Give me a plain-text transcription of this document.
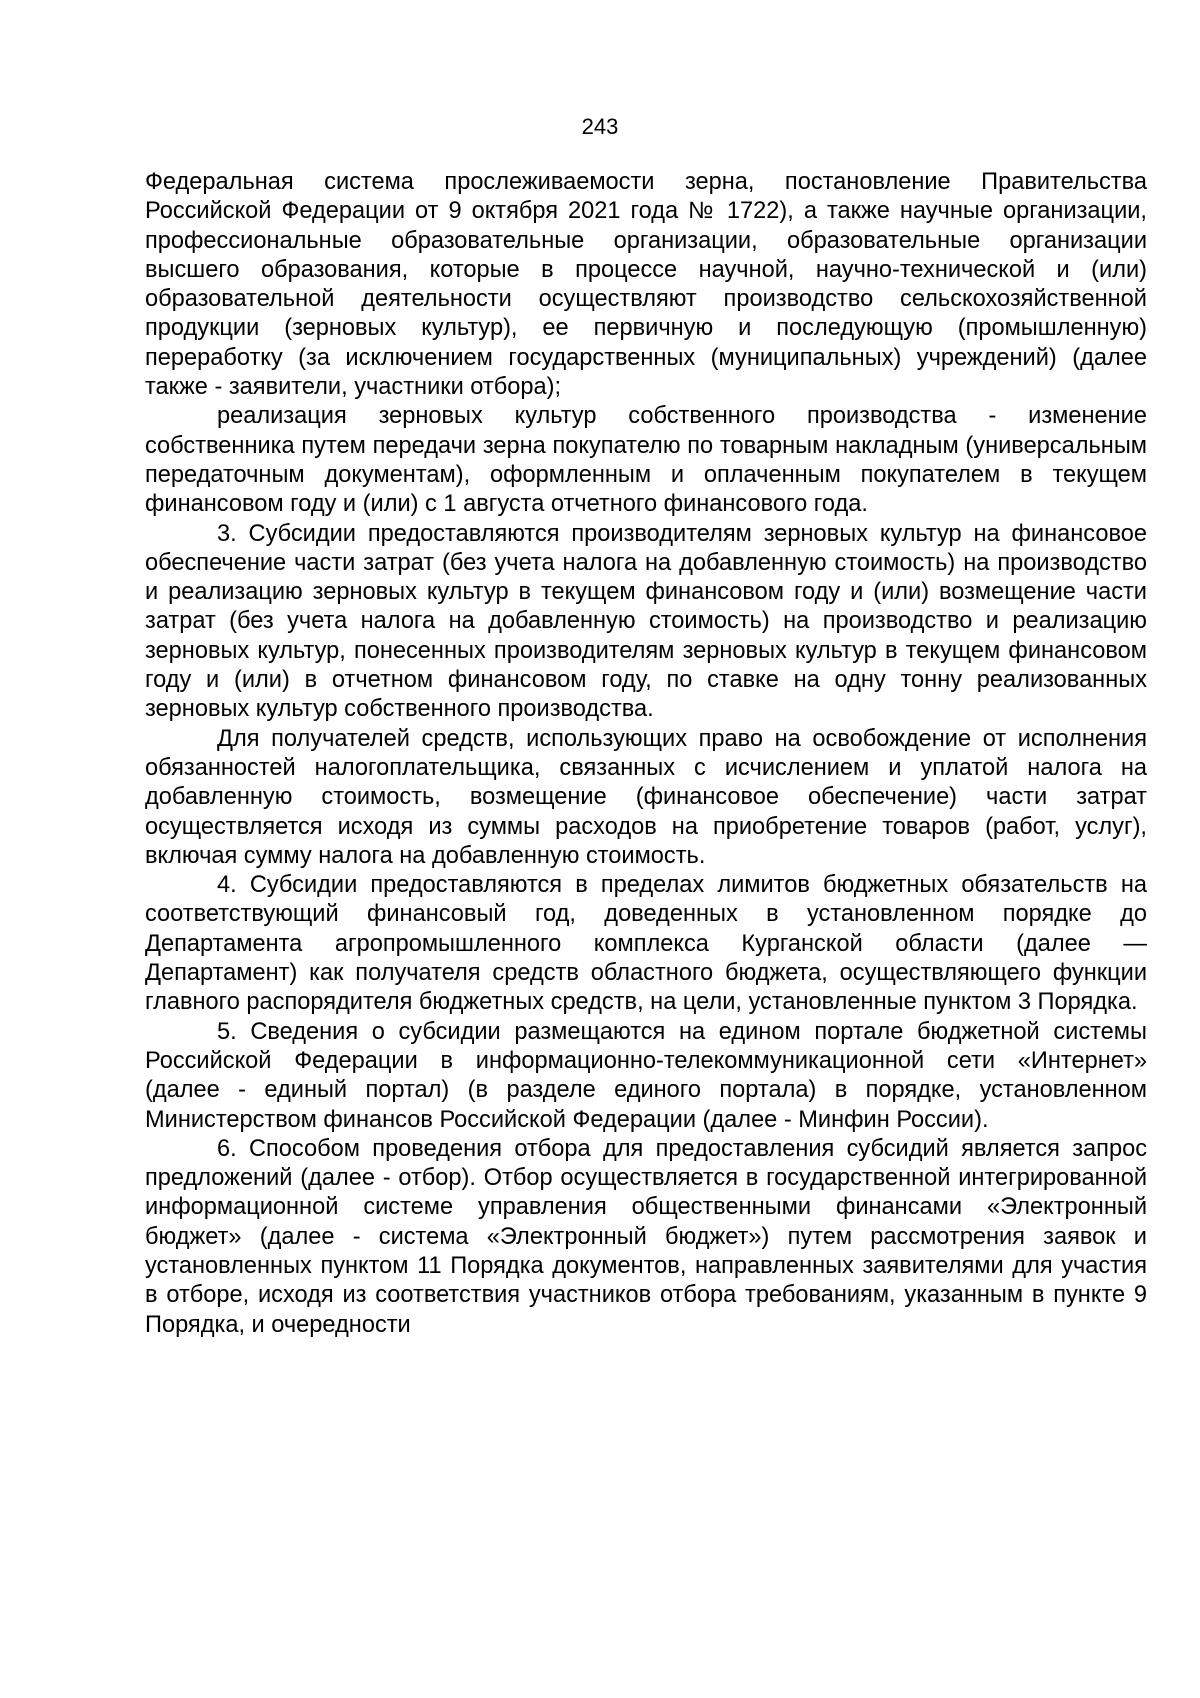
243

Федеральная система прослеживаемости зерна, постановление Правительства Российской Федерации от 9 октября 2021 года № 1722), а также научные организации, профессиональные образовательные организации, образовательные организации высшего образования, которые в процессе научной, научно-технической и (или) образовательной деятельности осуществляют производство сельскохозяйственной продукции (зерновых культур), ее первичную и последующую (промышленную) переработку (за исключением государственных (муниципальных) учреждений) (далее также - заявители, участники отбора);

реализация зерновых культур собственного производства - изменение собственника путем передачи зерна покупателю по товарным накладным (универсальным передаточным документам), оформленным и оплаченным покупателем в текущем финансовом году и (или) с 1 августа отчетного финансового года.

3. Субсидии предоставляются производителям зерновых культур на финансовое обеспечение части затрат (без учета налога на добавленную стоимость) на производство и реализацию зерновых культур в текущем финансовом году и (или) возмещение части затрат (без учета налога на добавленную стоимость) на производство и реализацию зерновых культур, понесенных производителям зерновых культур в текущем финансовом году и (или) в отчетном финансовом году, по ставке на одну тонну реализованных зерновых культур собственного производства.

Для получателей средств, использующих право на освобождение от исполнения обязанностей налогоплательщика, связанных с исчислением и уплатой налога на добавленную стоимость, возмещение (финансовое обеспечение) части затрат осуществляется исходя из суммы расходов на приобретение товаров (работ, услуг), включая сумму налога на добавленную стоимость.

4. Субсидии предоставляются в пределах лимитов бюджетных обязательств на соответствующий финансовый год, доведенных в установленном порядке до Департамента агропромышленного комплекса Курганской области (далее — Департамент) как получателя средств областного бюджета, осуществляющего функции главного распорядителя бюджетных средств, на цели, установленные пунктом 3 Порядка.

5. Сведения о субсидии размещаются на едином портале бюджетной системы Российской Федерации в информационно-телекоммуникационной сети «Интернет» (далее - единый портал) (в разделе единого портала) в порядке, установленном Министерством финансов Российской Федерации (далее - Минфин России).

6. Способом проведения отбора для предоставления субсидий является запрос предложений (далее - отбор). Отбор осуществляется в государственной интегрированной информационной системе управления общественными финансами «Электронный бюджет» (далее - система «Электронный бюджет») путем рассмотрения заявок и установленных пунктом 11 Порядка документов, направленных заявителями для участия в отборе, исходя из соответствия участников отбора требованиям, указанным в пункте 9 Порядка, и очередности
